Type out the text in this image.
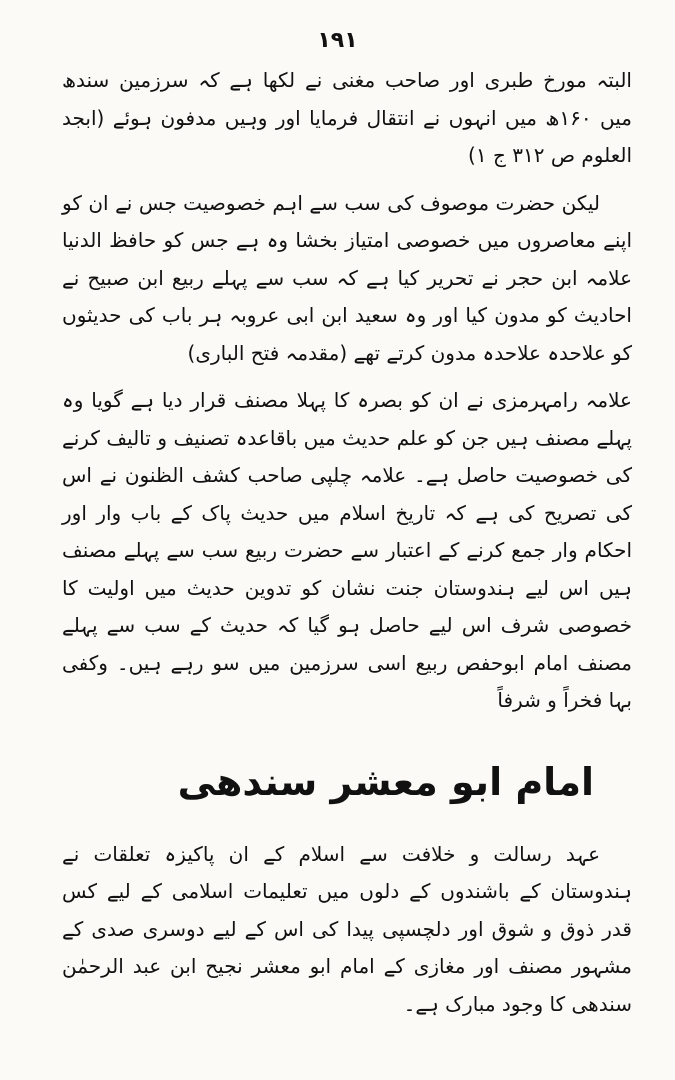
١٩١

البتہ مورخ طبری اور صاحب مغنی نے لکھا ہے کہ سرزمین سندھ میں ۱۶۰ھ میں انہوں نے انتقال فرمایا اور وہیں مدفون ہوئے (ابجد العلوم ص ۳۱۲ ج ۱)

لیکن حضرت موصوف کی سب سے اہم خصوصیت جس نے ان کو اپنے معاصروں میں خصوصی امتیاز بخشا وہ ہے جس کو حافظ الدنیا علامہ ابن حجر نے تحریر کیا ہے کہ سب سے پہلے ربیع ابن صبیح نے احادیث کو مدون کیا اور وہ سعید ابن ابی عروبہ ہر باب کی حدیثوں کو علاحدہ علاحدہ مدون کرتے تھے (مقدمہ فتح الباری)

علامہ رامہرمزی نے ان کو بصرہ کا پہلا مصنف قرار دیا ہے گویا وہ پہلے مصنف ہیں جن کو علم حدیث میں باقاعدہ تصنیف و تالیف کرنے کی خصوصیت حاصل ہے۔ علامہ چلپی صاحب کشف الظنون نے اس کی تصریح کی ہے کہ تاریخ اسلام میں حدیث پاک کے باب وار اور احکام وار جمع کرنے کے اعتبار سے حضرت ربیع سب سے پہلے مصنف ہیں اس لیے ہندوستان جنت نشان کو تدوین حدیث میں اولیت کا خصوصی شرف اس لیے حاصل ہو گیا کہ حدیث کے سب سے پہلے مصنف امام ابوحفص ربیع اسی سرزمین میں سو رہے ہیں۔ وکفی بہا فخراً و شرفاً

امام ابو معشر سندھی

عہد رسالت و خلافت سے اسلام کے ان پاکیزہ تعلقات نے ہندوستان کے باشندوں کے دلوں میں تعلیمات اسلامی کے لیے کس قدر ذوق و شوق اور دلچسپی پیدا کی اس کے لیے دوسری صدی کے مشہور مصنف اور مغازی کے امام ابو معشر نجیح ابن عبد الرحمٰن سندھی کا وجود مبارک ہے۔
